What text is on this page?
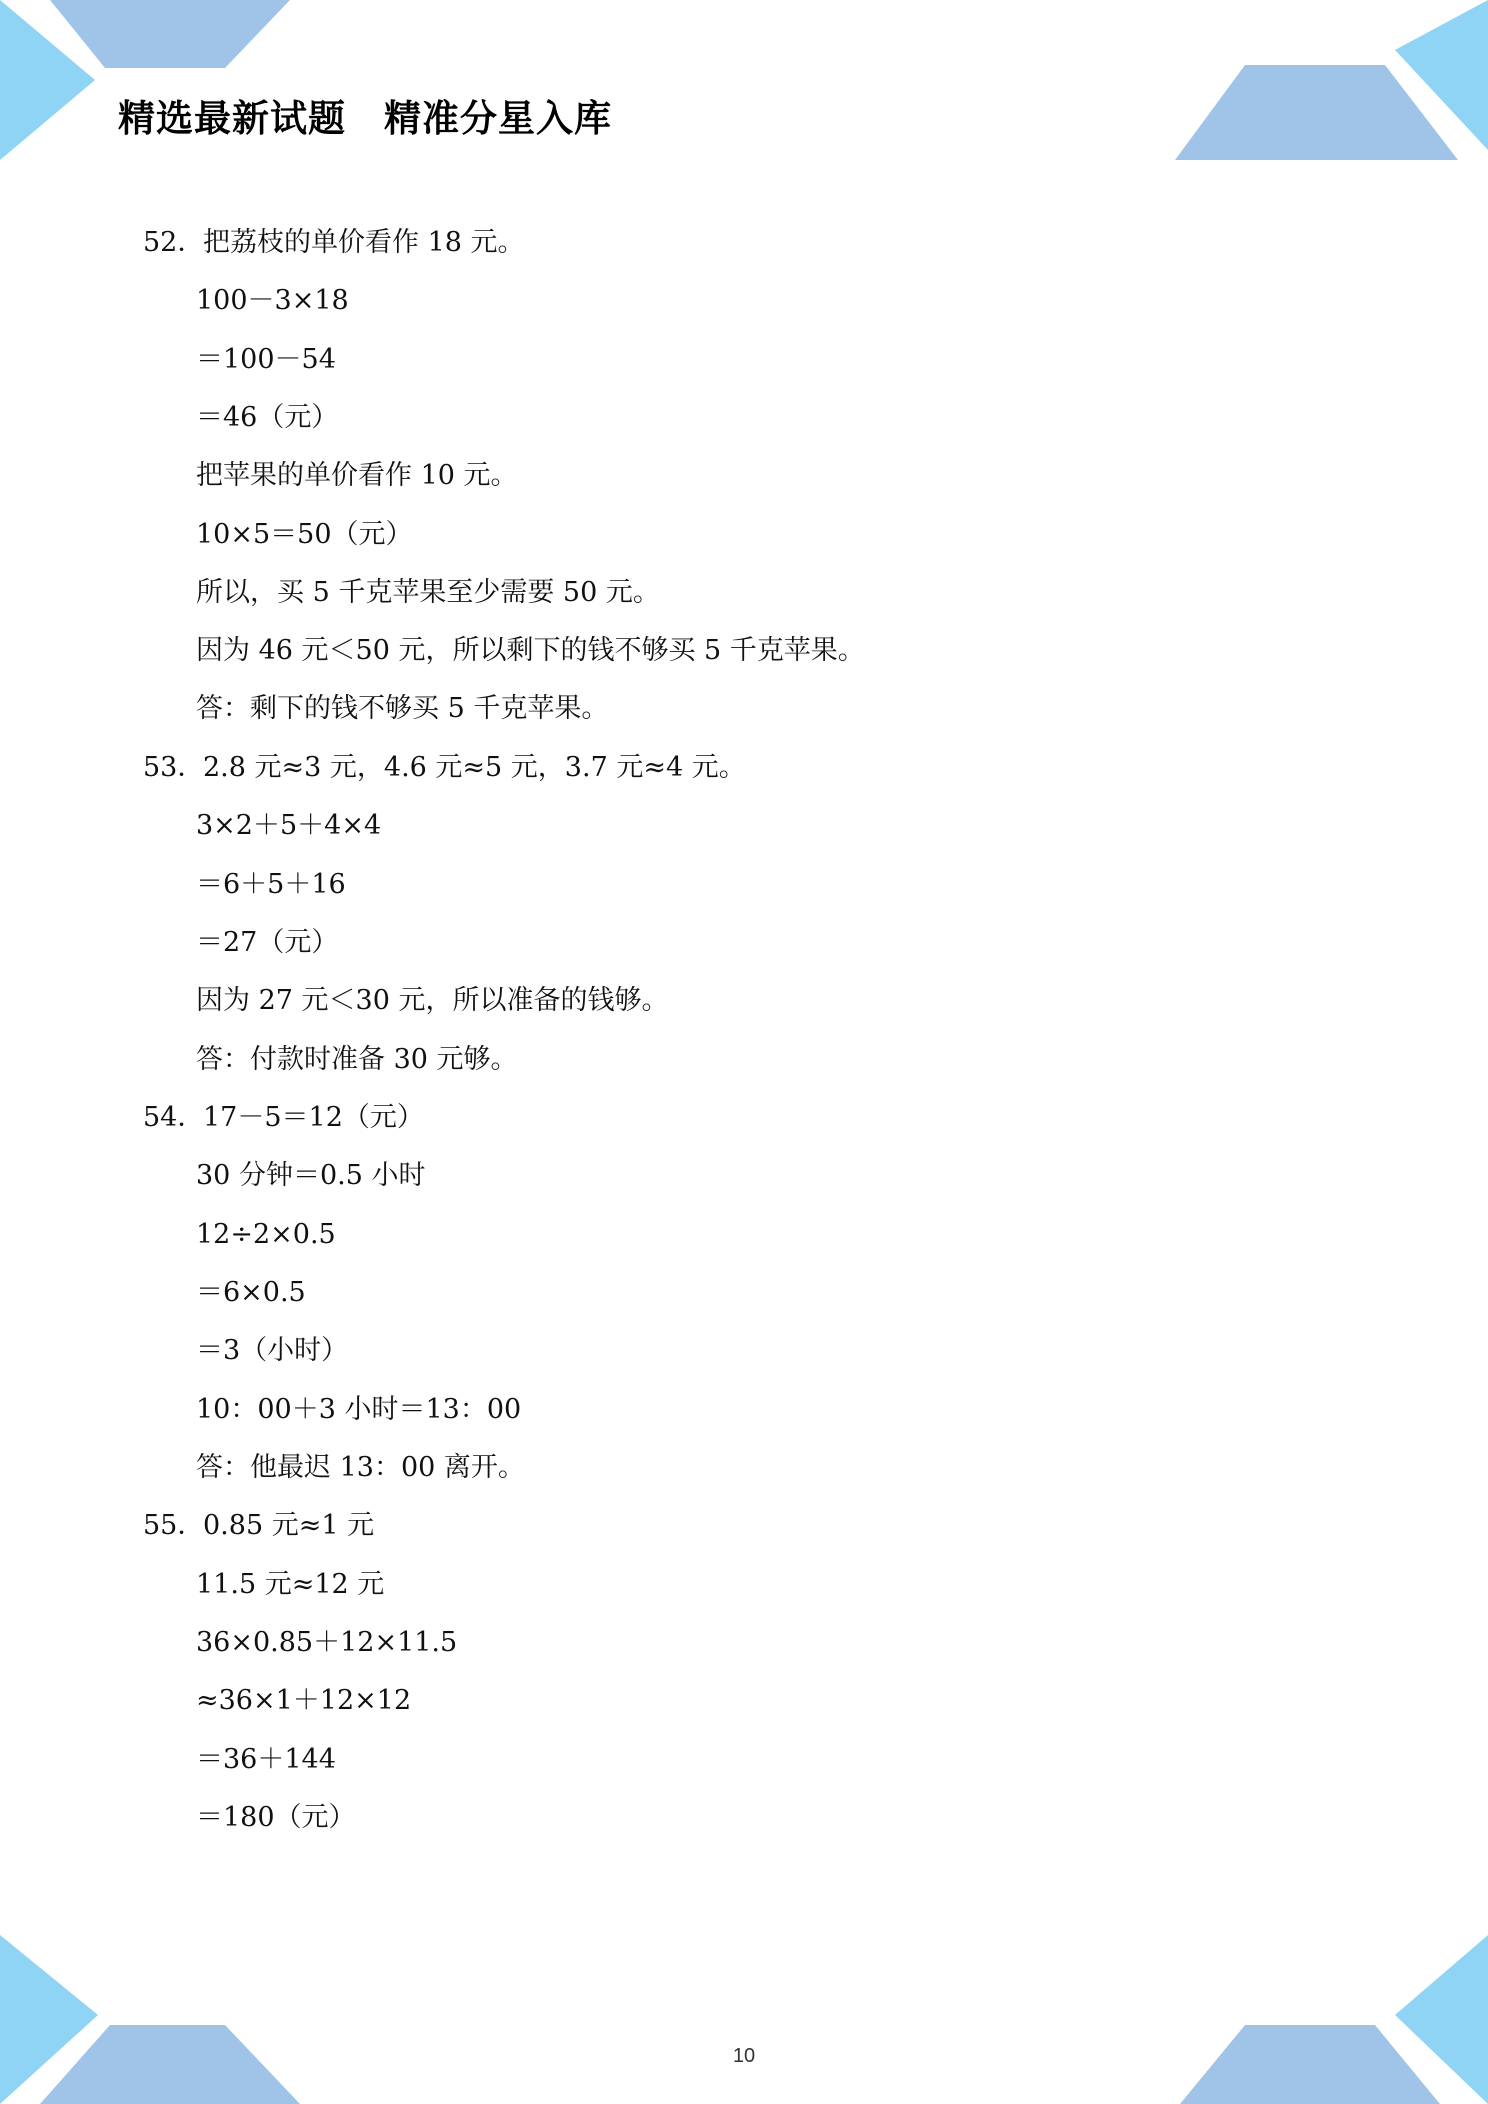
精选最新试题　精准分星入库
52．
把荔枝的单价看作 18 元。
100－3×18
＝100－54
＝46（元）
把苹果的单价看作 10 元。
10×5＝50（元）
所以，买 5 千克苹果至少需要 50 元。
因为 46 元＜50 元，所以剩下的钱不够买 5 千克苹果。
答：剩下的钱不够买 5 千克苹果。
53．
2.8 元≈3 元，4.6 元≈5 元，3.7 元≈4 元。
3×2＋5＋4×4
＝6＋5＋16
＝27（元）
因为 27 元＜30 元，所以准备的钱够。
答：付款时准备 30 元够。
54．
17－5＝12（元）
30 分钟＝0.5 小时
12÷2×0.5
＝6×0.5
＝3（小时）
10：00＋3 小时＝13：00
答：他最迟 13：00 离开。
55．
0.85 元≈1 元
11.5 元≈12 元
36×0.85＋12×11.5
≈36×1＋12×12
＝36＋144
＝180（元）
10
